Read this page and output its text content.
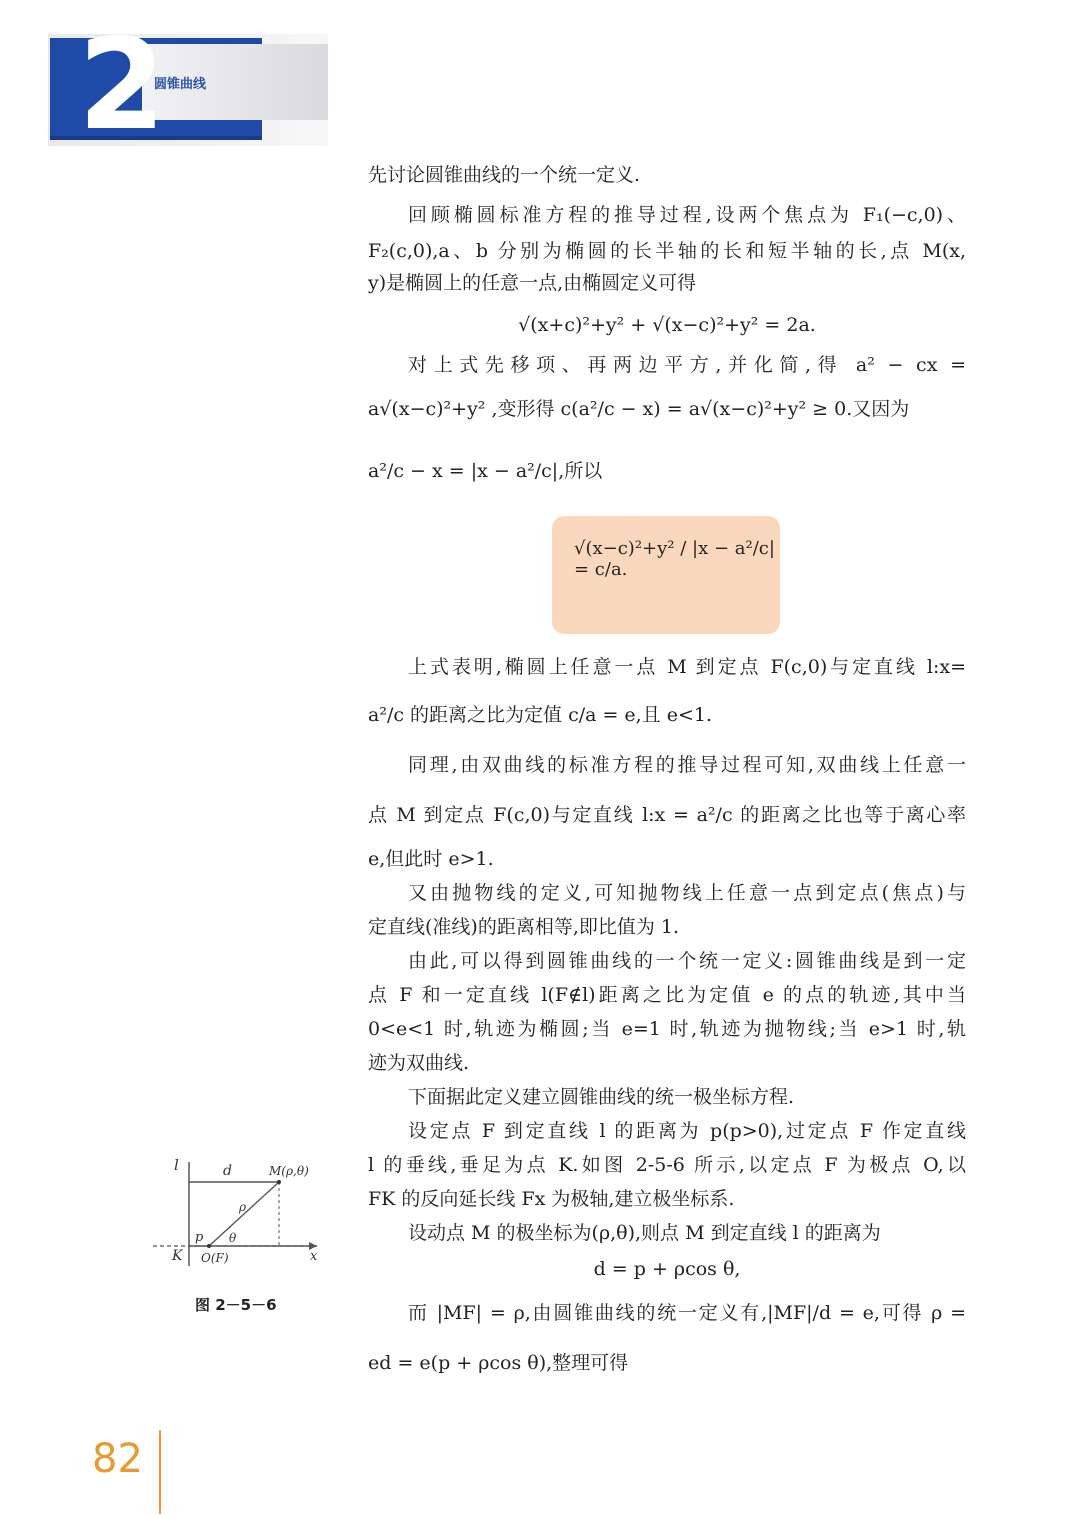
2
圆锥曲线
先讨论圆锥曲线的一个统一定义.
回顾椭圆标准方程的推导过程,设两个焦点为 F₁(−c,0)、
F₂(c,0),a、b 分别为椭圆的长半轴的长和短半轴的长,点 M(x,
y)是椭圆上的任意一点,由椭圆定义可得
√(x+c)²+y² + √(x−c)²+y² = 2a.
对上式先移项、再两边平方,并化简,得 a² − cx =
a√(x−c)²+y² ,变形得 c(a²/c − x) = a√(x−c)²+y² ≥ 0.又因为
a²/c − x = |x − a²/c|,所以
上式表明,椭圆上任意一点 M 到定点 F(c,0)与定直线 l:x=
a²/c 的距离之比为定值 c/a = e,且 e<1.
同理,由双曲线的标准方程的推导过程可知,双曲线上任意一
点 M 到定点 F(c,0)与定直线 l:x = a²/c 的距离之比也等于离心率
e,但此时 e>1.
又由抛物线的定义,可知抛物线上任意一点到定点(焦点)与
定直线(准线)的距离相等,即比值为 1.
由此,可以得到圆锥曲线的一个统一定义:圆锥曲线是到一定
点 F 和一定直线 l(F∉l)距离之比为定值 e 的点的轨迹,其中当
0<e<1 时,轨迹为椭圆;当 e=1 时,轨迹为抛物线;当 e>1 时,轨
迹为双曲线.
下面据此定义建立圆锥曲线的统一极坐标方程.
设定点 F 到定直线 l 的距离为 p(p>0),过定点 F 作定直线
l 的垂线,垂足为点 K.如图 2-5-6 所示,以定点 F 为极点 O,以
FK 的反向延长线 Fx 为极轴,建立极坐标系.
设动点 M 的极坐标为(ρ,θ),则点 M 到定直线 l 的距离为
d = p + ρcos θ,
而 |MF| = ρ,由圆锥曲线的统一定义有,|MF|/d = e,可得 ρ =
ed = e(p + ρcos θ),整理可得
√(x−c)²+y² / |x − a²/c| = c/a.
l	d	M(ρ,θ)
ρ
p θ
K O(F)	x
图 2－5－6
82
